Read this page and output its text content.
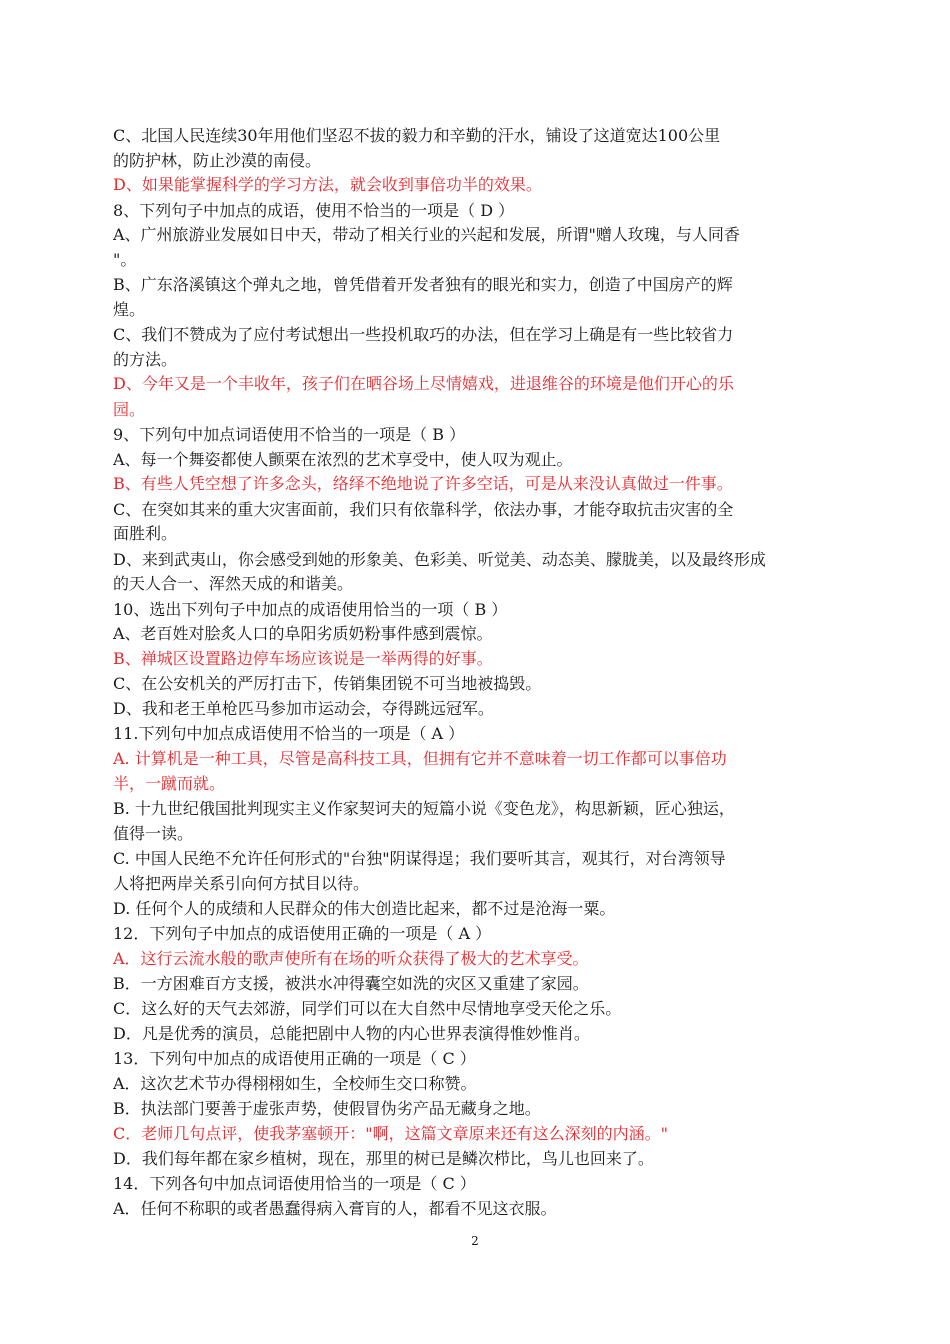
C、北国人民连续30年用他们坚忍不拔的毅力和辛勤的汗水，铺设了这道宽达100公里
的防护林，防止沙漠的南侵。
D、如果能掌握科学的学习方法，就会收到事倍功半的效果。
8、下列句子中加点的成语，使用不恰当的一项是（ D ）
A、广州旅游业发展如日中天，带动了相关行业的兴起和发展，所谓"赠人玫瑰，与人同香
"。
B、广东洛溪镇这个弹丸之地，曾凭借着开发者独有的眼光和实力，创造了中国房产的辉
煌。
C、我们不赞成为了应付考试想出一些投机取巧的办法，但在学习上确是有一些比较省力
的方法。
D、今年又是一个丰收年，孩子们在晒谷场上尽情嬉戏，进退维谷的环境是他们开心的乐
园。
9、下列句中加点词语使用不恰当的一项是（ B ）
A、每一个舞姿都使人颤栗在浓烈的艺术享受中，使人叹为观止。
B、有些人凭空想了许多念头，络绎不绝地说了许多空话，可是从来没认真做过一件事。
C、在突如其来的重大灾害面前，我们只有依靠科学，依法办事，才能夺取抗击灾害的全
面胜利。
D、来到武夷山，你会感受到她的形象美、色彩美、听觉美、动态美、朦胧美，以及最终形成
的天人合一、浑然天成的和谐美。
10、选出下列句子中加点的成语使用恰当的一项（ B ）
A、老百姓对脍炙人口的阜阳劣质奶粉事件感到震惊。
B、禅城区设置路边停车场应该说是一举两得的好事。
C、在公安机关的严厉打击下，传销集团锐不可当地被捣毁。
D、我和老王单枪匹马参加市运动会，夺得跳远冠军。
11.下列句中加点成语使用不恰当的一项是（ A ）
A. 计算机是一种工具，尽管是高科技工具，但拥有它并不意味着一切工作都可以事倍功
半，一蹴而就。
B. 十九世纪俄国批判现实主义作家契诃夫的短篇小说《变色龙》，构思新颖，匠心独运，
值得一读。
C. 中国人民绝不允许任何形式的"台独"阴谋得逞；我们要听其言，观其行，对台湾领导
人将把两岸关系引向何方拭目以待。
D. 任何个人的成绩和人民群众的伟大创造比起来，都不过是沧海一粟。
12．下列句子中加点的成语使用正确的一项是（ A ）
A．这行云流水般的歌声使所有在场的听众获得了极大的艺术享受。
B．一方困难百方支援，被洪水冲得囊空如洗的灾区又重建了家园。
C．这么好的天气去郊游，同学们可以在大自然中尽情地享受天伦之乐。
D．凡是优秀的演员，总能把剧中人物的内心世界表演得惟妙惟肖。
13．下列句中加点的成语使用正确的一项是（ C ）
A．这次艺术节办得栩栩如生，全校师生交口称赞。
B．执法部门要善于虚张声势，使假冒伪劣产品无藏身之地。
C．老师几句点评，使我茅塞顿开："啊，这篇文章原来还有这么深刻的内涵。"
D．我们每年都在家乡植树，现在，那里的树已是鳞次栉比，鸟儿也回来了。
14．下列各句中加点词语使用恰当的一项是（ C ）
A．任何不称职的或者愚蠢得病入膏肓的人，都看不见这衣服。
2
